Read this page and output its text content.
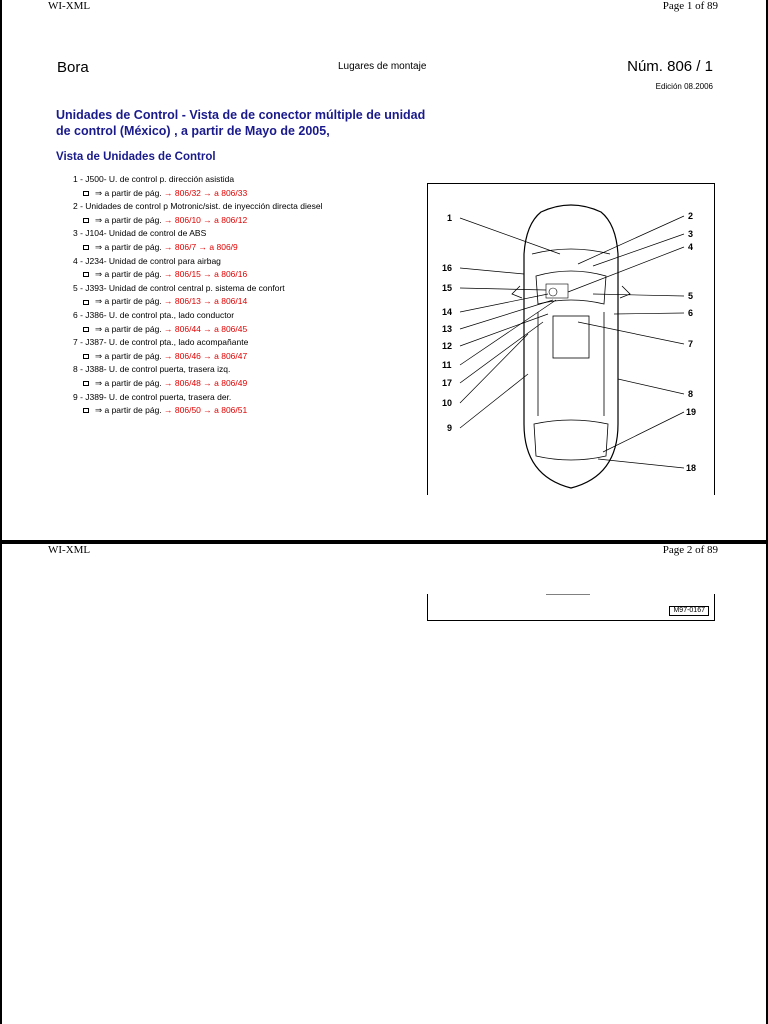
WI-XML	Page 1 of 89
Bora	Lugares de montaje	Núm. 806 / 1
Edición 08.2006
Unidades de Control - Vista de de conector múltiple de unidad de control (México) , a partir de Mayo de 2005,
Vista de Unidades de Control
1 - J500- U. de control p. dirección asistida
⇒ a partir de pág. → 806/32 → a 806/33
2 - Unidades de control p Motronic/sist. de inyección directa diesel
⇒ a partir de pág. → 806/10 → a 806/12
3 - J104- Unidad de control de ABS
⇒ a partir de pág. → 806/7 → a 806/9
4 - J234- Unidad de control para airbag
⇒ a partir de pág. → 806/15 → a 806/16
5 - J393- Unidad de control central p. sistema de confort
⇒ a partir de pág. → 806/13 → a 806/14
6 - J386- U. de control pta., lado conductor
⇒ a partir de pág. → 806/44 → a 806/45
7 - J387- U. de control pta., lado acompañante
⇒ a partir de pág. → 806/46 → a 806/47
8 - J388- U. de control puerta, trasera izq.
⇒ a partir de pág. → 806/48 → a 806/49
9 - J389- U. de control puerta, trasera der.
⇒ a partir de pág. → 806/50 → a 806/51
1
16
15
14
13
12
11
17
10
9
2
3
4
5
6
7
8
19
18
WI-XML	Page 2 of 89
M97-0167
